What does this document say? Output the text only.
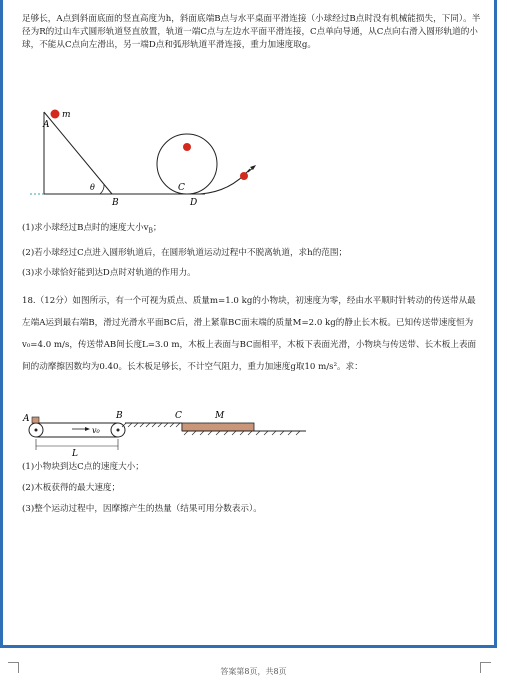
足够长，A点到斜面底面的竖直高度为h，斜面底端B点与水平桌面平滑连接（小球经过B点时没有机械能损失，下同）。半径为R的过山车式圆形轨道竖直放置，轨道一端C点与左边水平面平滑连接，C点单向导通，从C点向右滑入圆形轨道的小球，不能从C点向左滑出，另一端D点和弧形轨道平滑连接，重力加速度取g。

A
m
θ
B
C
D
(1)求小球经过B点时的速度大小$v_B$；
(2)若小球经过C点进入圆形轨道后，在圆形轨道运动过程中不脱离轨道，求h的范围；
(3)求小球恰好能到达D点时对轨道的作用力。

18.（12分）如图所示，有一个可视为质点、质量m=1.0 kg的小物块，初速度为零，经由水平顺时针转动的传送带从最左端A运到最右端B，滑过光滑水平面BC后，滑上紧靠BC面末端的质量M=2.0 kg的静止长木板。已知传送带速度恒为v₀=4.0 m/s，传送带AB间长度L=3.0 m，木板上表面与BC面相平，木板下表面光滑，小物块与传送带、长木板上表面间的动摩擦因数均为0.40。长木板足够长，不计空气阻力，重力加速度g取10 m/s²。求：

A	B	C	M
v₀
L
(1)小物块到达C点的速度大小；
(2)木板获得的最大速度；
(3)整个运动过程中，因摩擦产生的热量（结果可用分数表示）。
答案第8页，共8页
